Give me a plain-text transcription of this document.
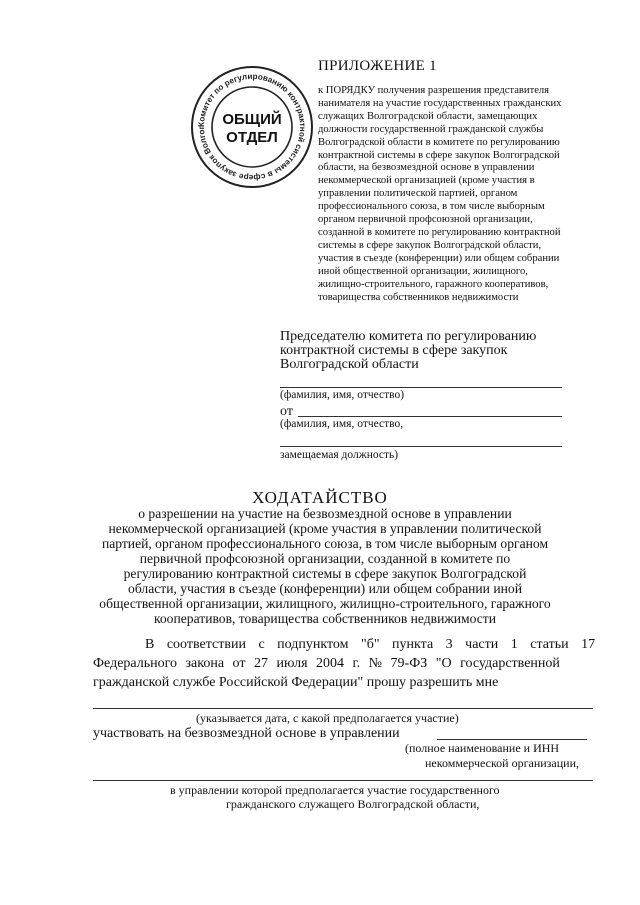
Комитет по регулированию контрактной системы в сфере закупок Волгог	ОБЩИЙ
ОТДЕЛ
ПРИЛОЖЕНИЕ 1
к ПОРЯДКУ получения разрешения представителя
нанимателя на участие государственных гражданских
служащих Волгоградской области, замещающих
должности государственной гражданской службы
Волгоградской области в комитете по регулированию
контрактной системы в сфере закупок Волгоградской
области, на безвозмездной основе в управлении
некоммерческой организацией (кроме участия в
управлении политической партией, органом
профессионального союза, в том числе выборным
органом первичной профсоюзной организации,
созданной в комитете по регулированию контрактной
системы в сфере закупок Волгоградской области,
участия в съезде (конференции) или общем собрании
иной общественной организации, жилищного,
жилищно-строительного, гаражного кооперативов,
товарищества собственников недвижимости
Председателю комитета по регулированию
контрактной системы в сфере закупок
Волгоградской области
(фамилия, имя, отчество)
от
(фамилия, имя, отчество,
замещаемая должность)
ХОДАТАЙСТВО
о разрешении на участие на безвозмездной основе в управлении
некоммерческой организацией (кроме участия в управлении политической
партией, органом профессионального союза, в том числе выборным органом
первичной профсоюзной организации, созданной в комитете по
регулированию контрактной системы в сфере закупок Волгоградской
области, участия в съезде (конференции) или общем собрании иной
общественной организации, жилищного, жилищно-строительного, гаражного
кооперативов, товарищества собственников недвижимости
В соответствии с подпунктом "б" пункта 3 части 1 статьи 17
Федерального закона от 27 июля 2004 г. № 79-ФЗ "О государственной
гражданской службе Российской Федерации" прошу разрешить мне
(указывается дата, с какой предполагается участие)
участвовать на безвозмездной основе в управлении
(полное наименование и ИНН
некоммерческой организации,
в управлении которой предполагается участие государственного
гражданского служащего Волгоградской области,
